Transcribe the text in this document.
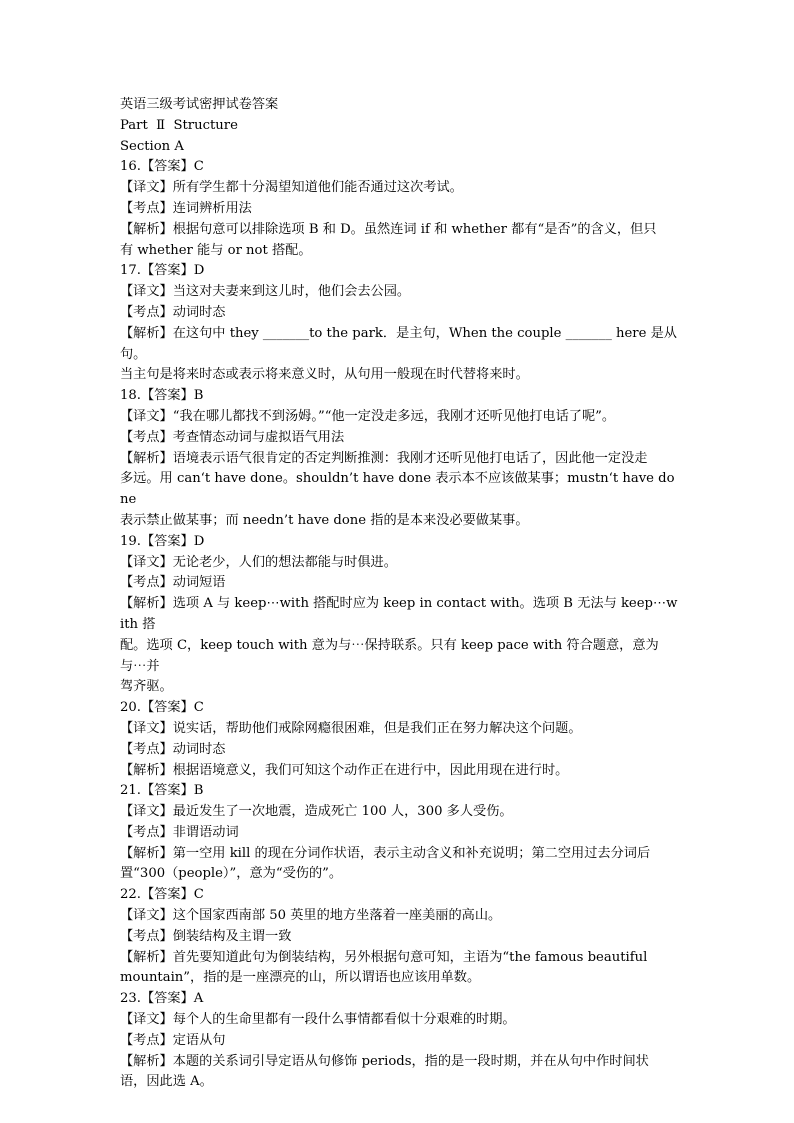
英语三级考试密押试卷答案
Part  Ⅱ  Structure
Section A
16.【答案】C
【译文】所有学生都十分渴望知道他们能否通过这次考试。
【考点】连词辨析用法
【解析】根据句意可以排除选项 B 和 D。虽然连词 if 和 whether 都有“是否”的含义，但只
有 whether 能与 or not 搭配。
17.【答案】D
【译文】当这对夫妻来到这儿时，他们会去公园。
【考点】动词时态
【解析】在这句中 they _______to the park．是主句，When the couple _______ here 是从句。
当主句是将来时态或表示将来意义时，从句用一般现在时代替将来时。
18.【答案】B
【译文】“我在哪儿都找不到汤姆。”“他一定没走多远，我刚才还听见他打电话了呢”。
【考点】考查情态动词与虚拟语气用法
【解析】语境表示语气很肯定的否定判断推测：我刚才还听见他打电话了，因此他一定没走
多远。用 can‘t have done。shouldn’t have done 表示本不应该做某事；mustn‘t have done
表示禁止做某事；而 needn’t have done 指的是本来没必要做某事。
19.【答案】D
【译文】无论老少，人们的想法都能与时俱进。
【考点】动词短语
【解析】选项 A 与 keep⋯with 搭配时应为 keep in contact with。选项 B 无法与 keep⋯with 搭
配。选项 C，keep touch with 意为与⋯保持联系。只有 keep pace with 符合题意，意为与⋯并
驾齐驱。
20.【答案】C
【译文】说实话，帮助他们戒除网瘾很困难，但是我们正在努力解决这个问题。
【考点】动词时态
【解析】根据语境意义，我们可知这个动作正在进行中，因此用现在进行时。
21.【答案】B
【译文】最近发生了一次地震，造成死亡 100 人，300 多人受伤。
【考点】非谓语动词
【解析】第一空用 kill 的现在分词作状语，表示主动含义和补充说明；第二空用过去分词后
置“300（people）”，意为“受伤的”。
22.【答案】C
【译文】这个国家西南部 50 英里的地方坐落着一座美丽的高山。
【考点】倒装结构及主谓一致
【解析】首先要知道此句为倒装结构，另外根据句意可知，主语为“the famous beautiful
mountain”，指的是一座漂亮的山，所以谓语也应该用单数。
23.【答案】A
【译文】每个人的生命里都有一段什么事情都看似十分艰难的时期。
【考点】定语从句
【解析】本题的关系词引导定语从句修饰 periods，指的是一段时期，并在从句中作时间状
语，因此选 A。
